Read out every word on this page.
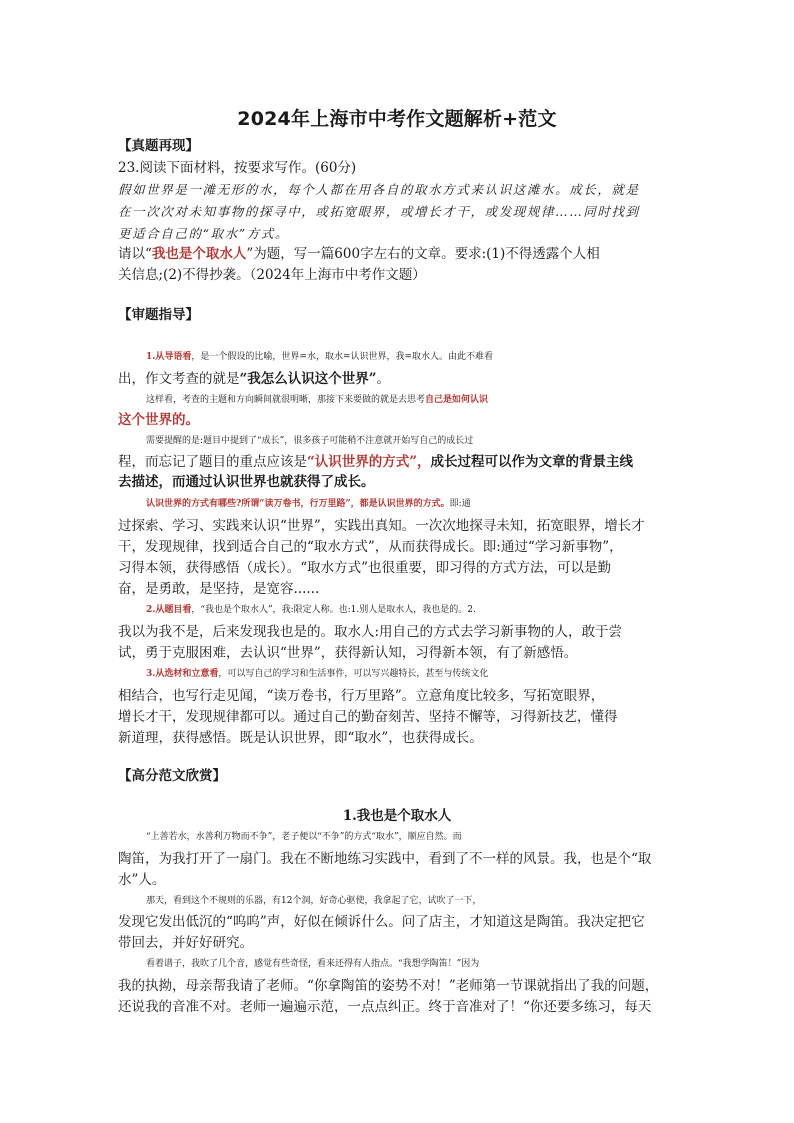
2024年上海市中考作文题解析+范文
【真题再现】
23.阅读下面材料，按要求写作。(60分)
假如世界是一滩无形的水，每个人都在用各自的取水方式来认识这滩水。成长，就是
在一次次对未知事物的探寻中，或拓宽眼界，或增长才干，或发现规律……同时找到
更适合自己的“取水”方式。
请以“我也是个取水人”为题，写一篇600字左右的文章。要求:(1)不得透露个人相
关信息;(2)不得抄袭。（2024年上海市中考作文题）
【审题指导】
1.从导语看，是一个假设的比喻，世界=水，取水=认识世界，我=取水人。由此不难看
出，作文考查的就是“我怎么认识这个世界”。
这样看，考查的主题和方向瞬间就很明晰，那接下来要做的就是去思考自己是如何认识
这个世界的。
需要提醒的是:题目中提到了“成长”，很多孩子可能稍不注意就开始写自己的成长过
程，而忘记了题目的重点应该是“认识世界的方式”，成长过程可以作为文章的背景主线
去描述，而通过认识世界也就获得了成长。
认识世界的方式有哪些?所谓“读万卷书，行万里路”，都是认识世界的方式。即:通
过探索、学习、实践来认识“世界”，实践出真知。一次次地探寻未知，拓宽眼界，增长才
干，发现规律，找到适合自己的“取水方式”，从而获得成长。即:通过“学习新事物”，
习得本领，获得感悟（成长）。“取水方式”也很重要，即习得的方式方法，可以是勤
奋，是勇敢，是坚持，是宽容......
2.从题目看，“我也是个取水人”，我:限定人称。也:1.别人是取水人，我也是的。2.
我以为我不是，后来发现我也是的。取水人:用自己的方式去学习新事物的人，敢于尝
试，勇于克服困难，去认识“世界”，获得新认知，习得新本领，有了新感悟。
3.从选材和立意看，可以写自己的学习和生活事件，可以写兴趣特长，甚至与传统文化
相结合，也写行走见闻，“读万卷书，行万里路”。立意角度比较多，写拓宽眼界，
增长才干，发现规律都可以。通过自己的勤奋刻苦、坚持不懈等，习得新技艺，懂得
新道理，获得感悟。既是认识世界，即“取水”，也获得成长。
【高分范文欣赏】
1.我也是个取水人
“上善若水，水善利万物而不争”，老子便以“不争”的方式“取水”，顺应自然。而
陶笛，为我打开了一扇门。我在不断地练习实践中，看到了不一样的风景。我，也是个“取
水”人。
那天，看到这个不规则的乐器，有12个洞，好奇心驱使，我拿起了它，试吹了一下，
发现它发出低沉的“呜呜”声，好似在倾诉什么。问了店主，才知道这是陶笛。我决定把它
带回去，并好好研究。
看着谱子，我吹了几个音，感觉有些奇怪，看来还得有人指点。“我想学陶笛！”因为
我的执拗，母亲帮我请了老师。“你拿陶笛的姿势不对！”老师第一节课就指出了我的问题，
还说我的音准不对。老师一遍遍示范，一点点纠正。终于音准对了！“你还要多练习，每天
